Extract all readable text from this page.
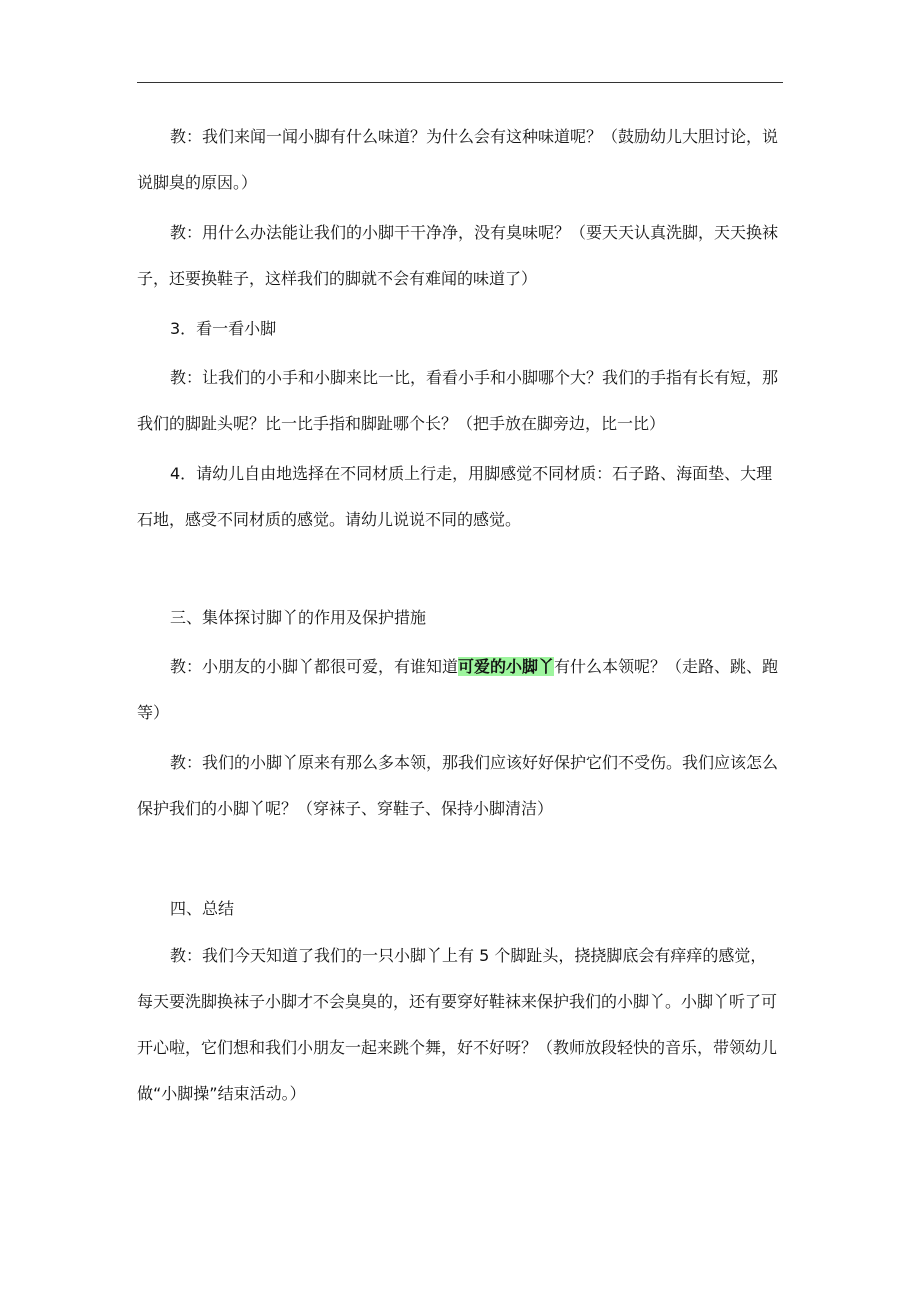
教：我们来闻一闻小脚有什么味道？为什么会有这种味道呢？（鼓励幼儿大胆讨论，说
说脚臭的原因。）
教：用什么办法能让我们的小脚干干净净，没有臭味呢？（要天天认真洗脚，天天换袜
子，还要换鞋子，这样我们的脚就不会有难闻的味道了）
3．看一看小脚
教：让我们的小手和小脚来比一比，看看小手和小脚哪个大？我们的手指有长有短，那
我们的脚趾头呢？比一比手指和脚趾哪个长？（把手放在脚旁边，比一比）
4．请幼儿自由地选择在不同材质上行走，用脚感觉不同材质：石子路、海面垫、大理
石地，感受不同材质的感觉。请幼儿说说不同的感觉。
三、集体探讨脚丫的作用及保护措施
教：小朋友的小脚丫都很可爱，有谁知道可爱的小脚丫有什么本领呢？（走路、跳、跑
等）
教：我们的小脚丫原来有那么多本领，那我们应该好好保护它们不受伤。我们应该怎么
保护我们的小脚丫呢？（穿袜子、穿鞋子、保持小脚清洁）
四、总结
教：我们今天知道了我们的一只小脚丫上有 5 个脚趾头，挠挠脚底会有痒痒的感觉，
每天要洗脚换袜子小脚才不会臭臭的，还有要穿好鞋袜来保护我们的小脚丫。小脚丫听了可
开心啦，它们想和我们小朋友一起来跳个舞，好不好呀？（教师放段轻快的音乐，带领幼儿
做“小脚操”结束活动。）
